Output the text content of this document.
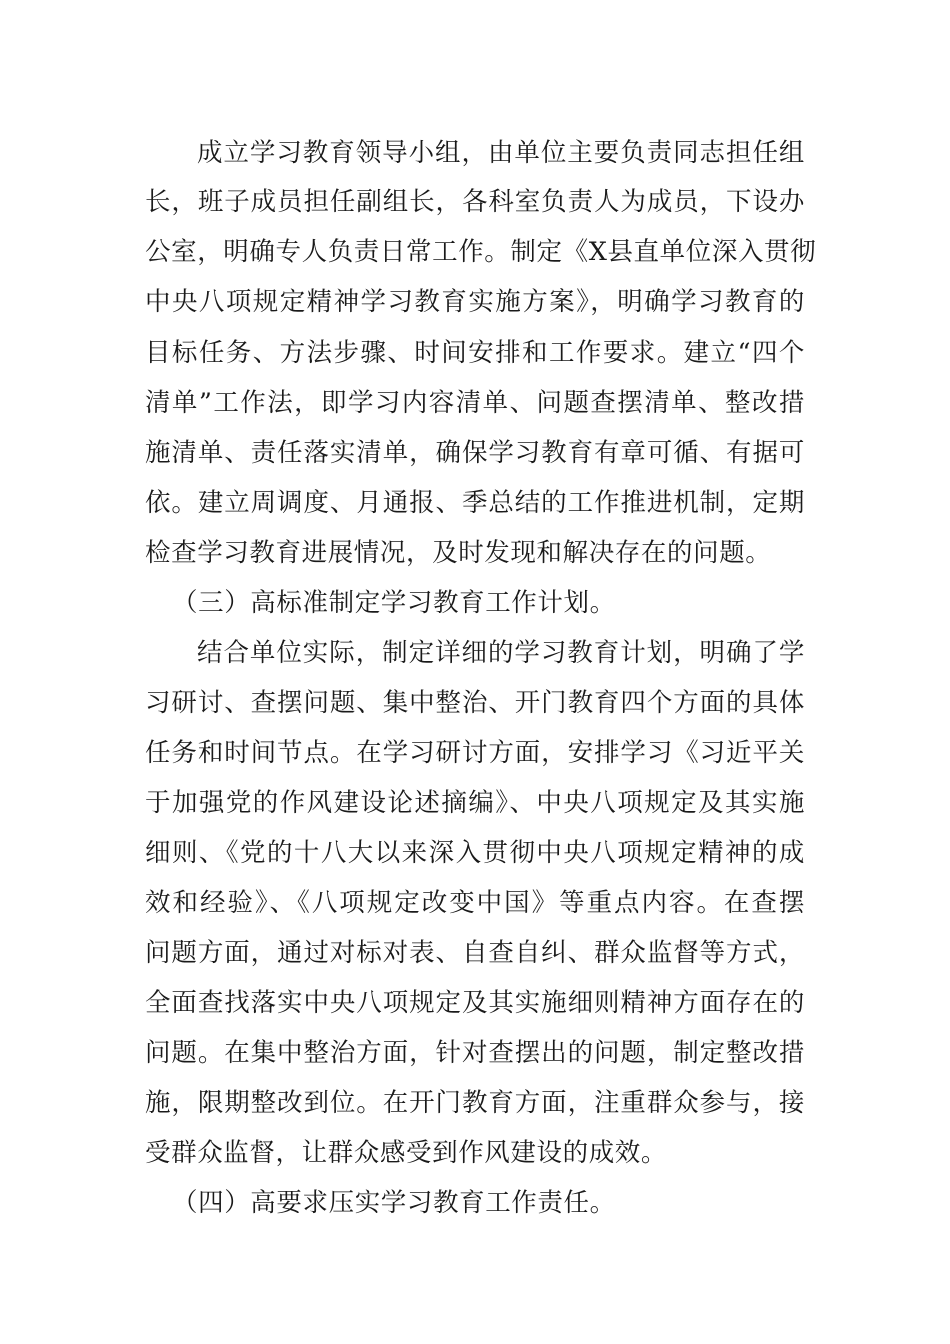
成立学习教育领导小组，由单位主要负责同志担任组
长，班子成员担任副组长，各科室负责人为成员，下设办
公室，明确专人负责日常工作。制定《X县直单位深入贯彻
中央八项规定精神学习教育实施方案》，明确学习教育的
目标任务、方法步骤、时间安排和工作要求。建立“四个
清单”工作法，即学习内容清单、问题查摆清单、整改措
施清单、责任落实清单，确保学习教育有章可循、有据可
依。建立周调度、月通报、季总结的工作推进机制，定期
检查学习教育进展情况，及时发现和解决存在的问题。
（三）高标准制定学习教育工作计划。
结合单位实际，制定详细的学习教育计划，明确了学
习研讨、查摆问题、集中整治、开门教育四个方面的具体
任务和时间节点。在学习研讨方面，安排学习《习近平关
于加强党的作风建设论述摘编》、中央八项规定及其实施
细则、《党的十八大以来深入贯彻中央八项规定精神的成
效和经验》、《八项规定改变中国》等重点内容。在查摆
问题方面，通过对标对表、自查自纠、群众监督等方式，
全面查找落实中央八项规定及其实施细则精神方面存在的
问题。在集中整治方面，针对查摆出的问题，制定整改措
施，限期整改到位。在开门教育方面，注重群众参与，接
受群众监督，让群众感受到作风建设的成效。
（四）高要求压实学习教育工作责任。
